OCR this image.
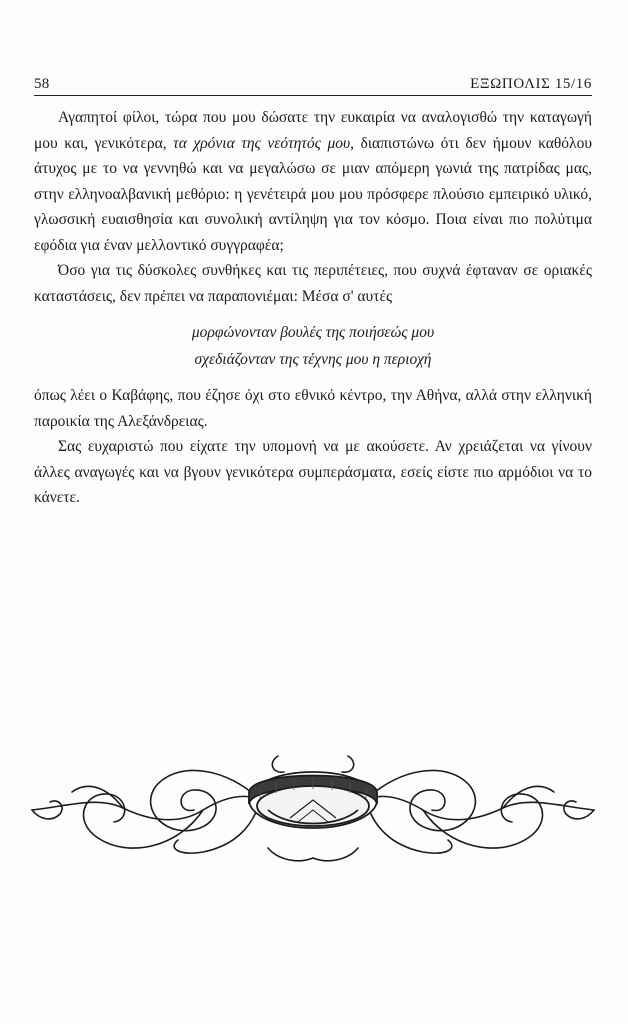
58	ΕΞΩΠΟΛΙΣ 15/16

Αγαπητοί φίλοι, τώρα που μου δώσατε την ευκαιρία να αναλογισθώ την καταγωγή μου και, γενικότερα, τα χρόνια της νεότητός μου, διαπιστώνω ότι δεν ήμουν καθόλου άτυχος με το να γεννηθώ και να μεγαλώσω σε μιαν απόμερη γωνιά της πατρίδας μας, στην ελληνοαλβανική μεθόριο: η γενέτειρά μου μου πρόσφερε πλούσιο εμπειρικό υλικό, γλωσσική ευαισθησία και συνολική αντίληψη για τον κόσμο. Ποια είναι πιο πολύτιμα εφόδια για έναν μελλοντικό συγγραφέα;

Όσο για τις δύσκολες συνθήκες και τις περιπέτειες, που συχνά έφταναν σε οριακές καταστάσεις, δεν πρέπει να παραπονιέμαι: Μέσα σ' αυτές

μορφώνονταν βουλές της ποιήσεώς μου
σχεδιάζονταν της τέχνης μου η περιοχή

όπως λέει ο Καβάφης, που έζησε όχι στο εθνικό κέντρο, την Αθήνα, αλλά στην ελληνική παροικία της Αλεξάνδρειας.

Σας ευχαριστώ που είχατε την υπομονή να με ακούσετε. Αν χρειάζεται να γίνουν άλλες αναγωγές και να βγουν γενικότερα συμπεράσματα, εσείς είστε πιο αρμόδιοι να το κάνετε.
